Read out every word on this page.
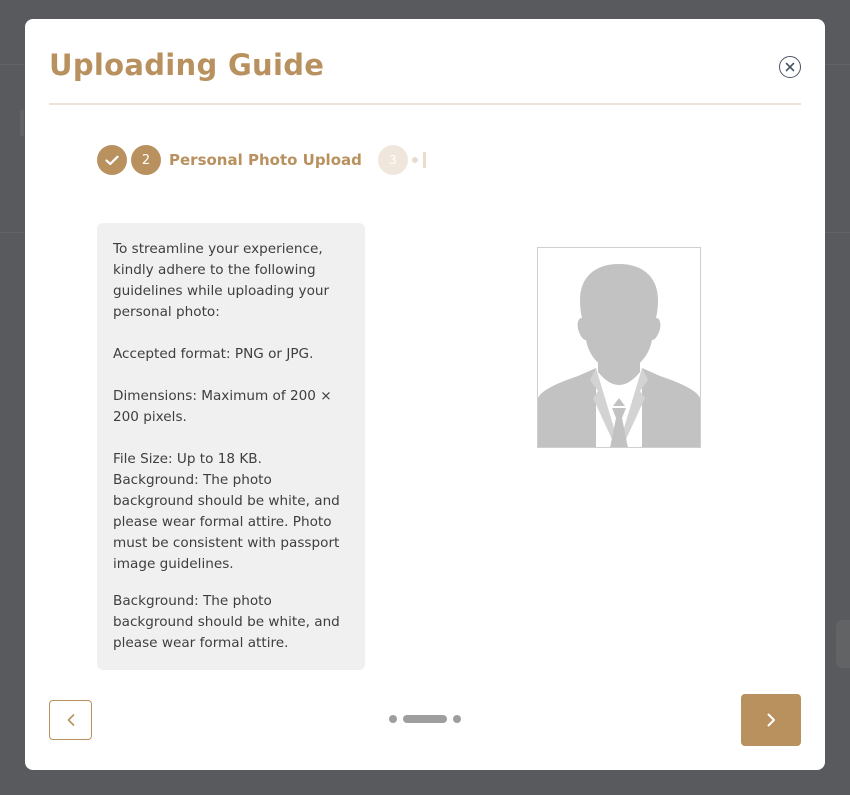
Uploading Guide
2	Personal Photo Upload	3

To streamline your experience, kindly adhere to the following guidelines while uploading your personal photo:

Accepted format: PNG or JPG.

Dimensions: Maximum of 200 × 200 pixels.

File Size: Up to 18 KB. Background: The photo background should be white, and please wear formal attire. Photo must be consistent with passport image guidelines.

Background: The photo background should be white, and please wear formal attire.
